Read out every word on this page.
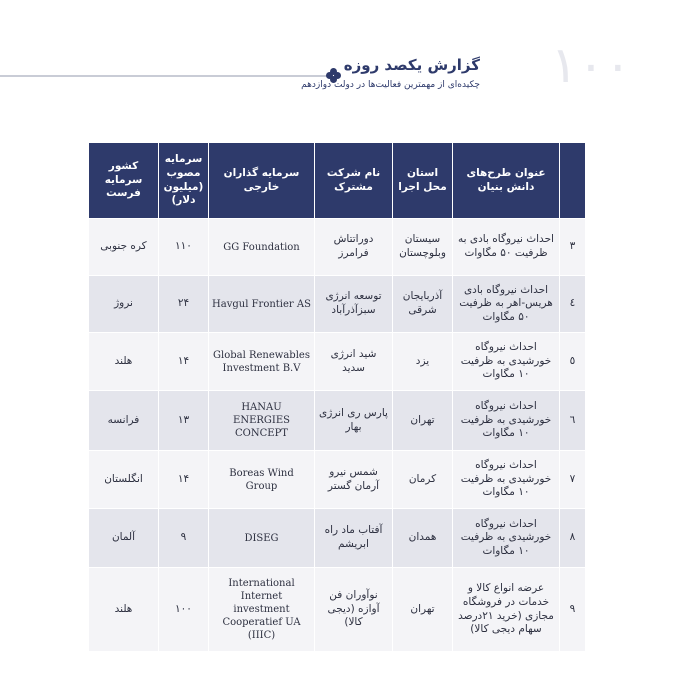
گزارش یکصد روزه
چکیده‌ای از مهمترین فعالیت‌ها در دولت دوازدهم	۱۰۰
	عنوان طرح‌های دانش بنیان	استان محل اجرا	نام شرکت مشترک	سرمایه گذاران خارجی	سرمایه مصوب (میلیون دلار)	کشور سرمایه فرست
۳	احداث نیروگاه بادی به ظرفیت ۵۰ مگاوات	سیستان وبلوچستان	دوراتتاش فرامرز	GG Foundation	۱۱۰	کره جنوبی
٤	احداث نیروگاه بادی هریس-اهر به ظرفیت ۵۰ مگاوات	آذربایجان شرقی	توسعه انرژی سبزآذرآباد	Havgul Frontier AS	۲۴	نروژ
٥	احداث نیروگاه خورشیدی به ظرفیت ۱۰ مگاوات	یزد	شید انرژی سدید	Global Renewables Investment B.V	۱۴	هلند
٦	احداث نیروگاه خورشیدی به ظرفیت ۱۰ مگاوات	تهران	پارس ری انرژی بهار	HANAU ENERGIES CONCEPT	۱۳	فرانسه
۷	احداث نیروگاه خورشیدی به ظرفیت ۱۰ مگاوات	کرمان	شمس نیرو آرمان گستر	Boreas Wind Group	۱۴	انگلستان
۸	احداث نیروگاه خورشیدی به ظرفیت ۱۰ مگاوات	همدان	آفتاب ماد راه ابریشم	DISEG	۹	آلمان
۹	عرضه انواع کالا و خدمات در فروشگاه مجازی (خرید ۲۱درصد سهام دیجی کالا)	تهران	نوآوران فن آوازه (دیجی کالا)	International Internet investment Cooperatief UA (IIIC)	۱۰۰	هلند
